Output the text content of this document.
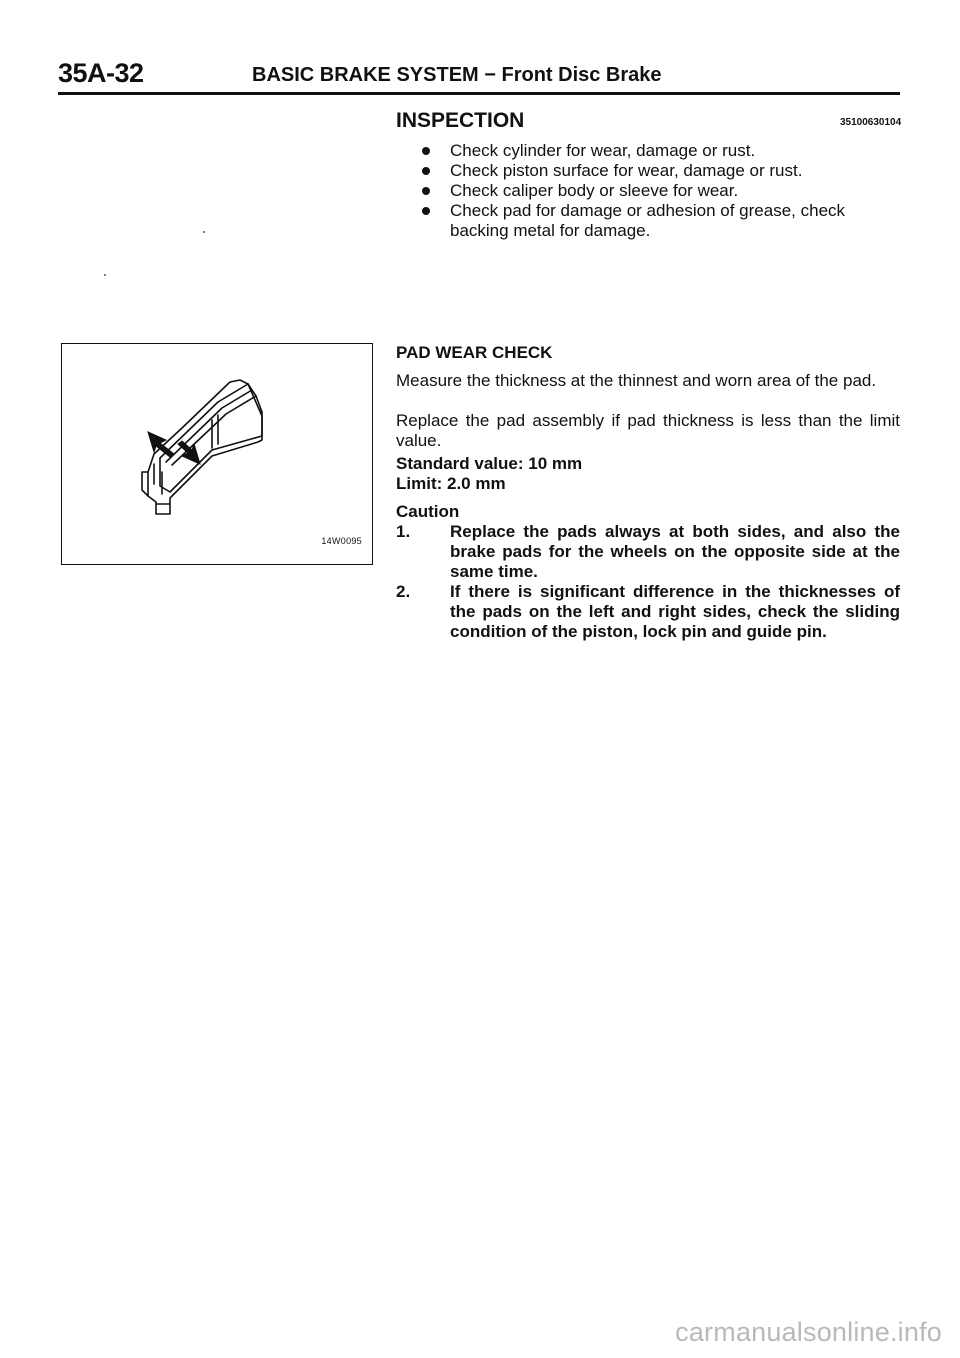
35A-32	BASIC BRAKE SYSTEM − Front Disc Brake
INSPECTION	35100630104
Check cylinder for wear, damage or rust.
Check piston surface for wear, damage or rust.
Check caliper body or sleeve for wear.
Check pad for damage or adhesion of grease, check backing metal for damage.
14W0095
PAD WEAR CHECK
Measure the thickness at the thinnest and worn area of the pad.
Replace the pad assembly if pad thickness is less than the limit value.
Standard value: 10 mm
Limit: 2.0 mm
Caution
1. Replace the pads always at both sides, and also the brake pads for the wheels on the opposite side at the same time.
2. If there is significant difference in the thicknesses of the pads on the left and right sides, check the sliding condition of the piston, lock pin and guide pin.
carmanualsonline.info
